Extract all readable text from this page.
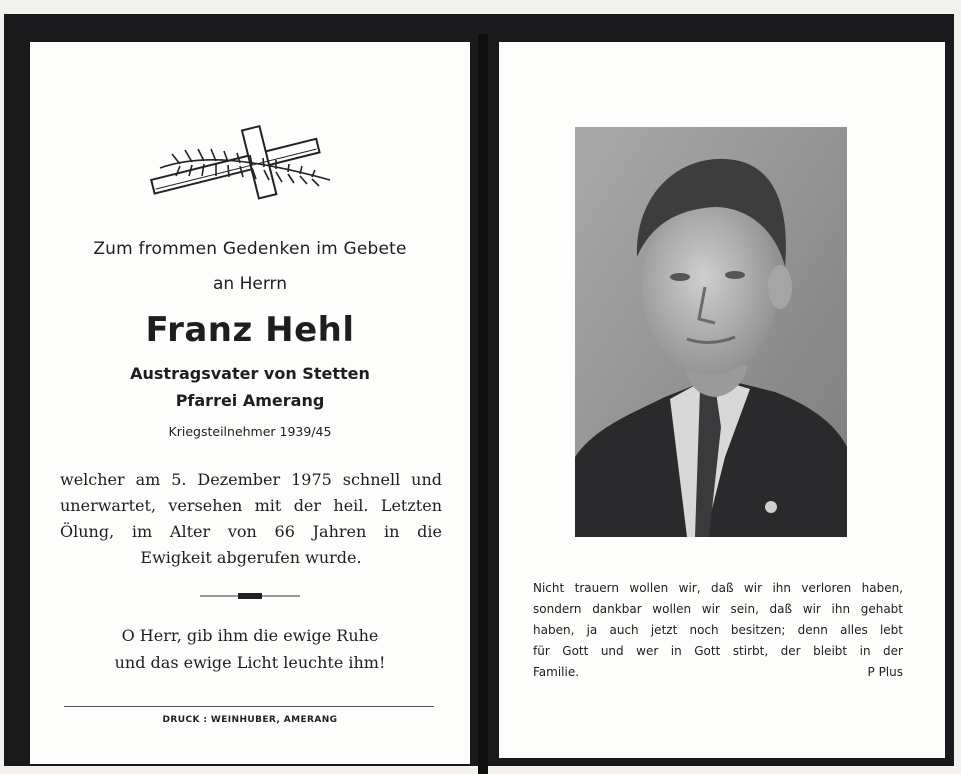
Zum frommen Gedenken im Gebete
an Herrn
Franz Hehl
Austragsvater von Stetten
Pfarrei Amerang
Kriegsteilnehmer 1939/45
welcher am 5. Dezember 1975 schnell und
unerwartet, versehen mit der heil. Letzten
Ölung, im Alter von 66 Jahren in die
Ewigkeit abgerufen wurde.
O Herr, gib ihm die ewige Ruhe
und das ewige Licht leuchte ihm!
DRUCK : WEINHUBER, AMERANG
Nicht trauern wollen wir, daß wir ihn verloren haben,
sondern dankbar wollen wir sein, daß wir ihn gehabt
haben, ja auch jetzt noch besitzen; denn alles lebt
für Gott und wer in Gott stirbt, der bleibt in der
Familie.	P Plus
